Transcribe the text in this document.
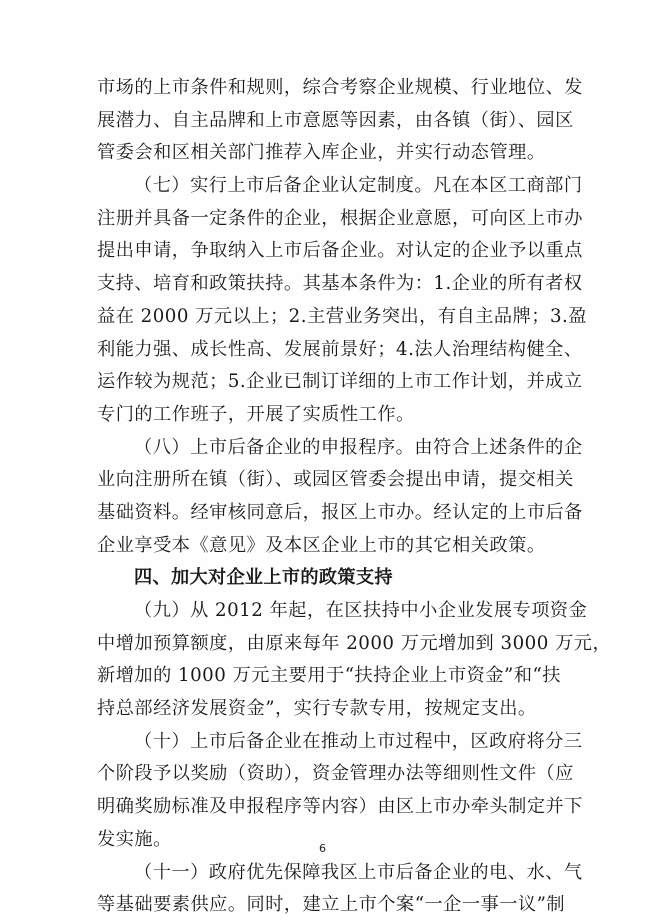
市场的上市条件和规则，综合考察企业规模、行业地位、发
展潜力、自主品牌和上市意愿等因素，由各镇（街）、园区
管委会和区相关部门推荐入库企业，并实行动态管理。
（七）实行上市后备企业认定制度。凡在本区工商部门
注册并具备一定条件的企业，根据企业意愿，可向区上市办
提出申请，争取纳入上市后备企业。对认定的企业予以重点
支持、培育和政策扶持。其基本条件为：1.企业的所有者权
益在 2000 万元以上；2.主营业务突出，有自主品牌；3.盈
利能力强、成长性高、发展前景好；4.法人治理结构健全、
运作较为规范；5.企业已制订详细的上市工作计划，并成立
专门的工作班子，开展了实质性工作。
（八）上市后备企业的申报程序。由符合上述条件的企
业向注册所在镇（街）、或园区管委会提出申请，提交相关
基础资料。经审核同意后，报区上市办。经认定的上市后备
企业享受本《意见》及本区企业上市的其它相关政策。
四、加大对企业上市的政策支持
（九）从 2012 年起，在区扶持中小企业发展专项资金
中增加预算额度，由原来每年 2000 万元增加到 3000 万元，
新增加的 1000 万元主要用于“扶持企业上市资金”和“扶
持总部经济发展资金”，实行专款专用，按规定支出。
（十）上市后备企业在推动上市过程中，区政府将分三
个阶段予以奖励（资助），资金管理办法等细则性文件（应
明确奖励标准及申报程序等内容）由区上市办牵头制定并下
发实施。
（十一）政府优先保障我区上市后备企业的电、水、气
等基础要素供应。同时，建立上市个案“一企一事一议”制
6
